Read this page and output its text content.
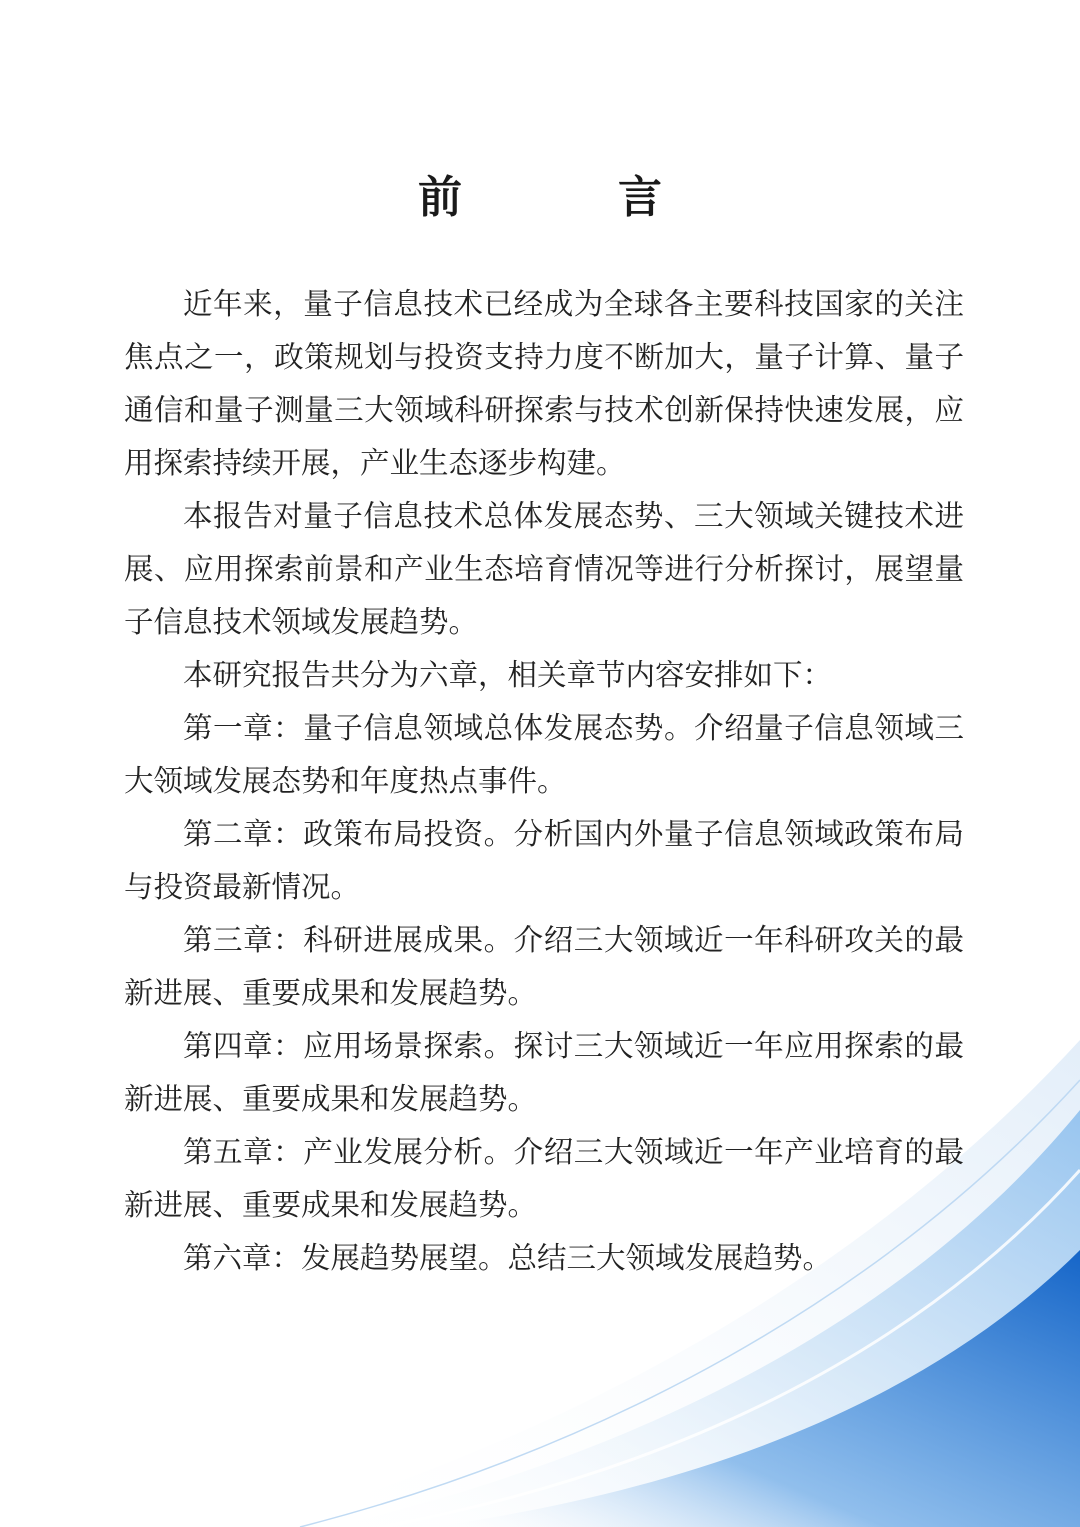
前　言

近年来，量子信息技术已经成为全球各主要科技国家的关注焦点之一，政策规划与投资支持力度不断加大，量子计算、量子通信和量子测量三大领域科研探索与技术创新保持快速发展，应用探索持续开展，产业生态逐步构建。

本报告对量子信息技术总体发展态势、三大领域关键技术进展、应用探索前景和产业生态培育情况等进行分析探讨，展望量子信息技术领域发展趋势。

本研究报告共分为六章，相关章节内容安排如下：

第一章：量子信息领域总体发展态势。介绍量子信息领域三大领域发展态势和年度热点事件。

第二章：政策布局投资。分析国内外量子信息领域政策布局与投资最新情况。

第三章：科研进展成果。介绍三大领域近一年科研攻关的最新进展、重要成果和发展趋势。

第四章：应用场景探索。探讨三大领域近一年应用探索的最新进展、重要成果和发展趋势。

第五章：产业发展分析。介绍三大领域近一年产业培育的最新进展、重要成果和发展趋势。

第六章：发展趋势展望。总结三大领域发展趋势。
